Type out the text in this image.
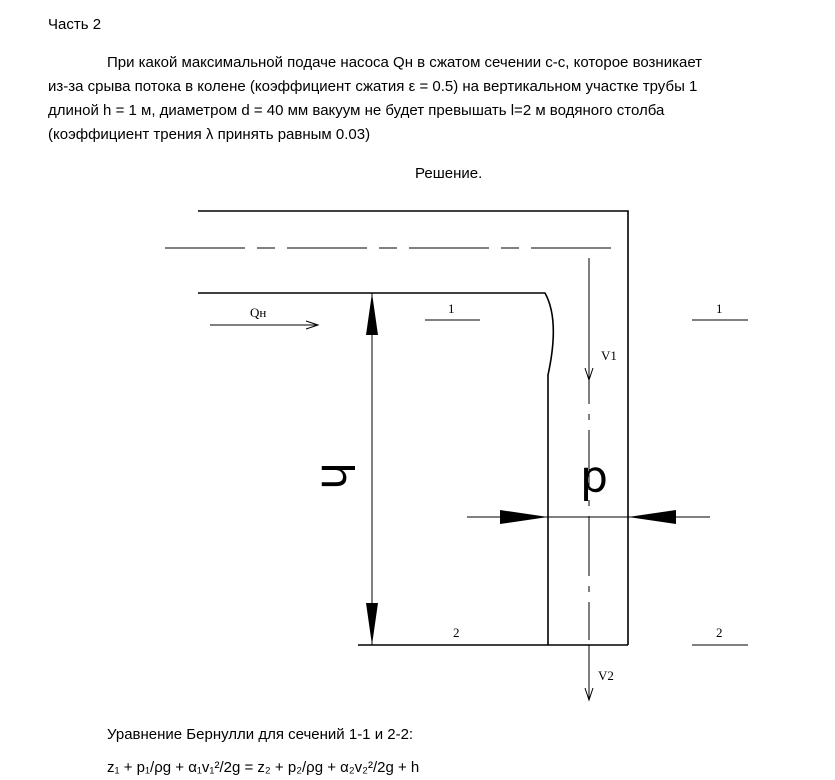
Часть 2
При какой максимальной подаче насоса Qн в сжатом сечении с-с, которое возникает
из-за срыва потока в колене (коэффициент сжатия ε = 0.5) на вертикальном участке трубы 1
длиной h = 1 м, диаметром d = 40 мм вакуум не будет превышать l=2 м водяного столба
(коэффициент трения λ принять равным 0.03)
Решение.
Qн	1	1
2	2
V1
V2
h	d
Уравнение Бернулли для сечений 1-1 и 2-2:
z₁ + p₁/ρg + α₁v₁²/2g = z₂ + p₂/ρg + α₂v₂²/2g + h
